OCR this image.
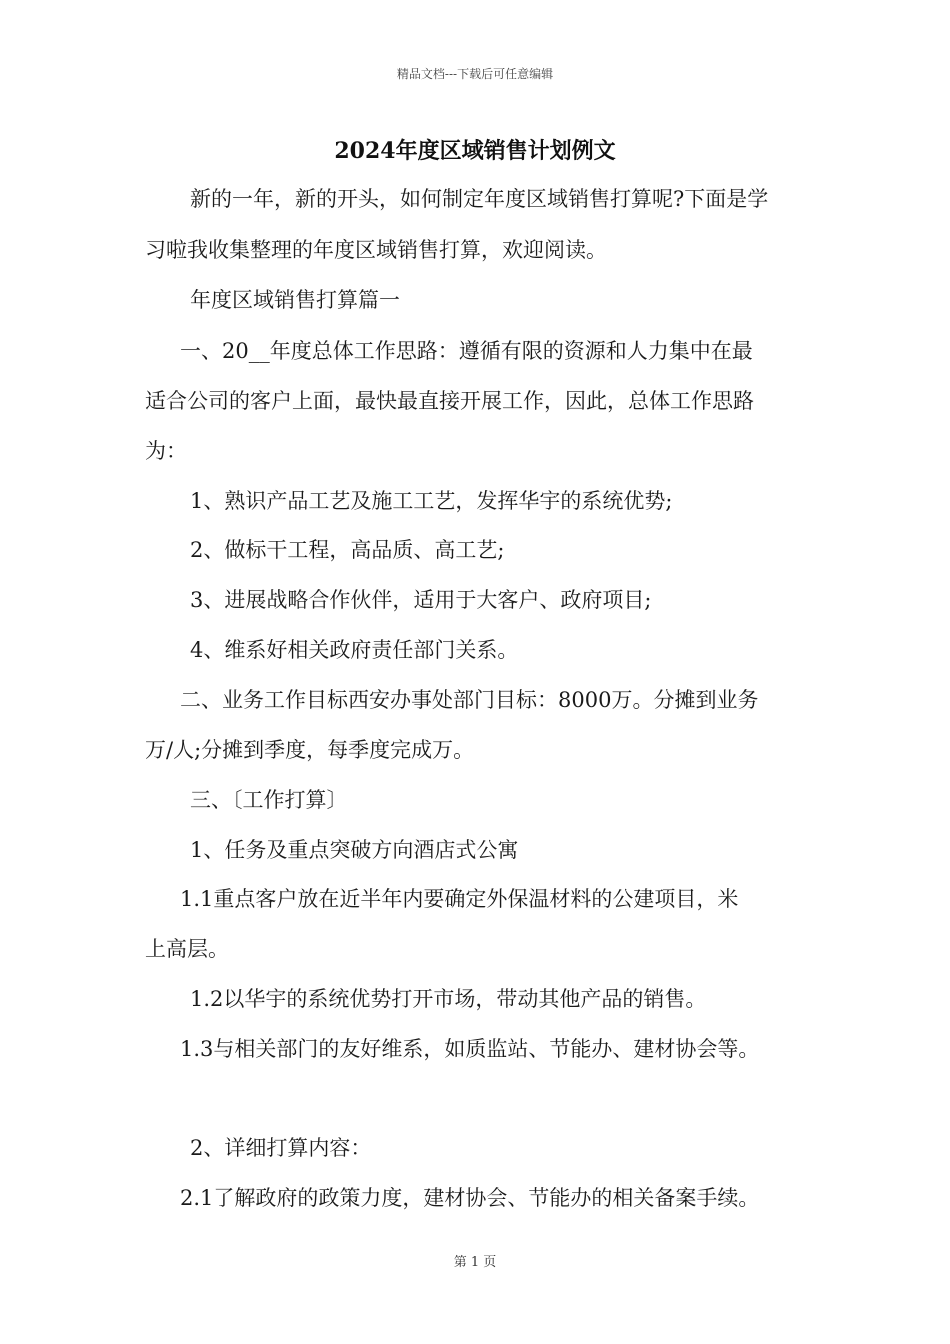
精品文档---下载后可任意编辑
2024年度区域销售计划例文
新的一年，新的开头，如何制定年度区域销售打算呢?下面是学
习啦我收集整理的年度区域销售打算，欢迎阅读。
年度区域销售打算篇一
一、20__年度总体工作思路：遵循有限的资源和人力集中在最
适合公司的客户上面，最快最直接开展工作，因此，总体工作思路
为：
1、熟识产品工艺及施工工艺，发挥华宇的系统优势;
2、做标干工程，高品质、高工艺;
3、进展战略合作伙伴，适用于大客户、政府项目;
4、维系好相关政府责任部门关系。
二、业务工作目标西安办事处部门目标：8000万。分摊到业务
万/人;分摊到季度，每季度完成万。
三、〔工作打算〕
1、任务及重点突破方向酒店式公寓
1.1重点客户放在近半年内要确定外保温材料的公建项目，米
上高层。
1.2以华宇的系统优势打开市场，带动其他产品的销售。
1.3与相关部门的友好维系，如质监站、节能办、建材协会等。
2、详细打算内容：
2.1了解政府的政策力度，建材协会、节能办的相关备案手续。
第 1 页
